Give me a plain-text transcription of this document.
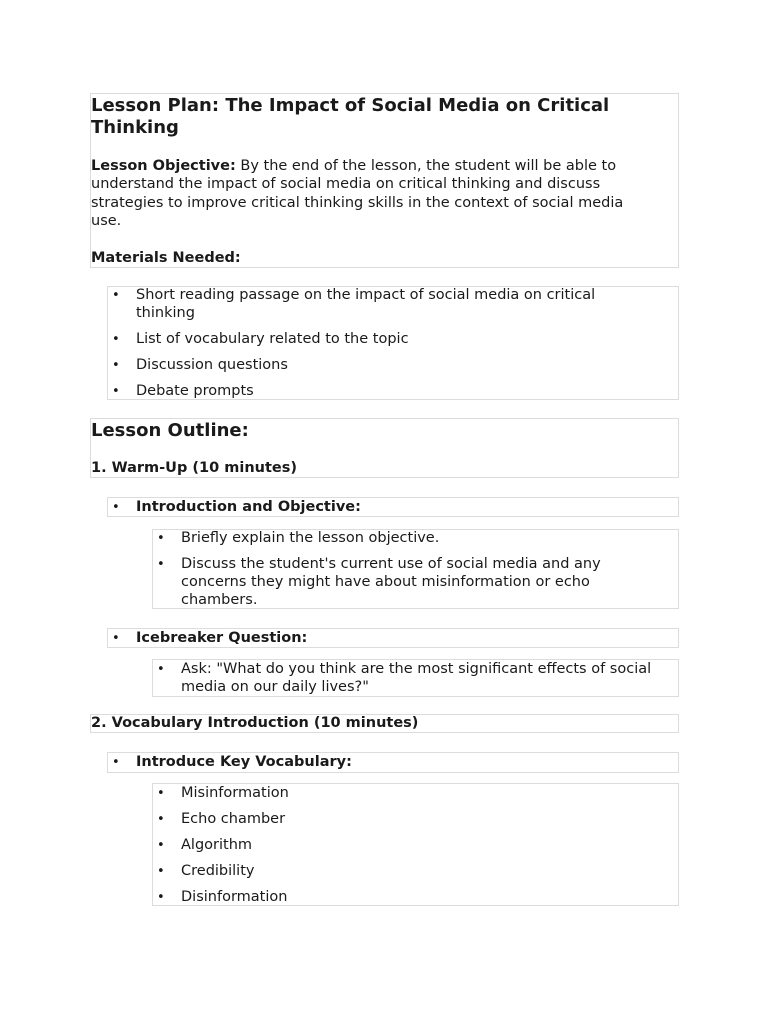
Lesson Plan: The Impact of Social Media on Critical
Thinking
Lesson Objective: By the end of the lesson, the student will be able to
understand the impact of social media on critical thinking and discuss
strategies to improve critical thinking skills in the context of social media
use.
Materials Needed:
• Short reading passage on the impact of social media on critical
thinking
• List of vocabulary related to the topic
• Discussion questions
• Debate prompts
Lesson Outline:
1. Warm-Up (10 minutes)
• Introduction and Objective:
• Briefly explain the lesson objective.
• Discuss the student's current use of social media and any
concerns they might have about misinformation or echo
chambers.
• Icebreaker Question:
• Ask: "What do you think are the most significant effects of social
media on our daily lives?"
2. Vocabulary Introduction (10 minutes)
• Introduce Key Vocabulary:
• Misinformation
• Echo chamber
• Algorithm
• Credibility
• Disinformation
